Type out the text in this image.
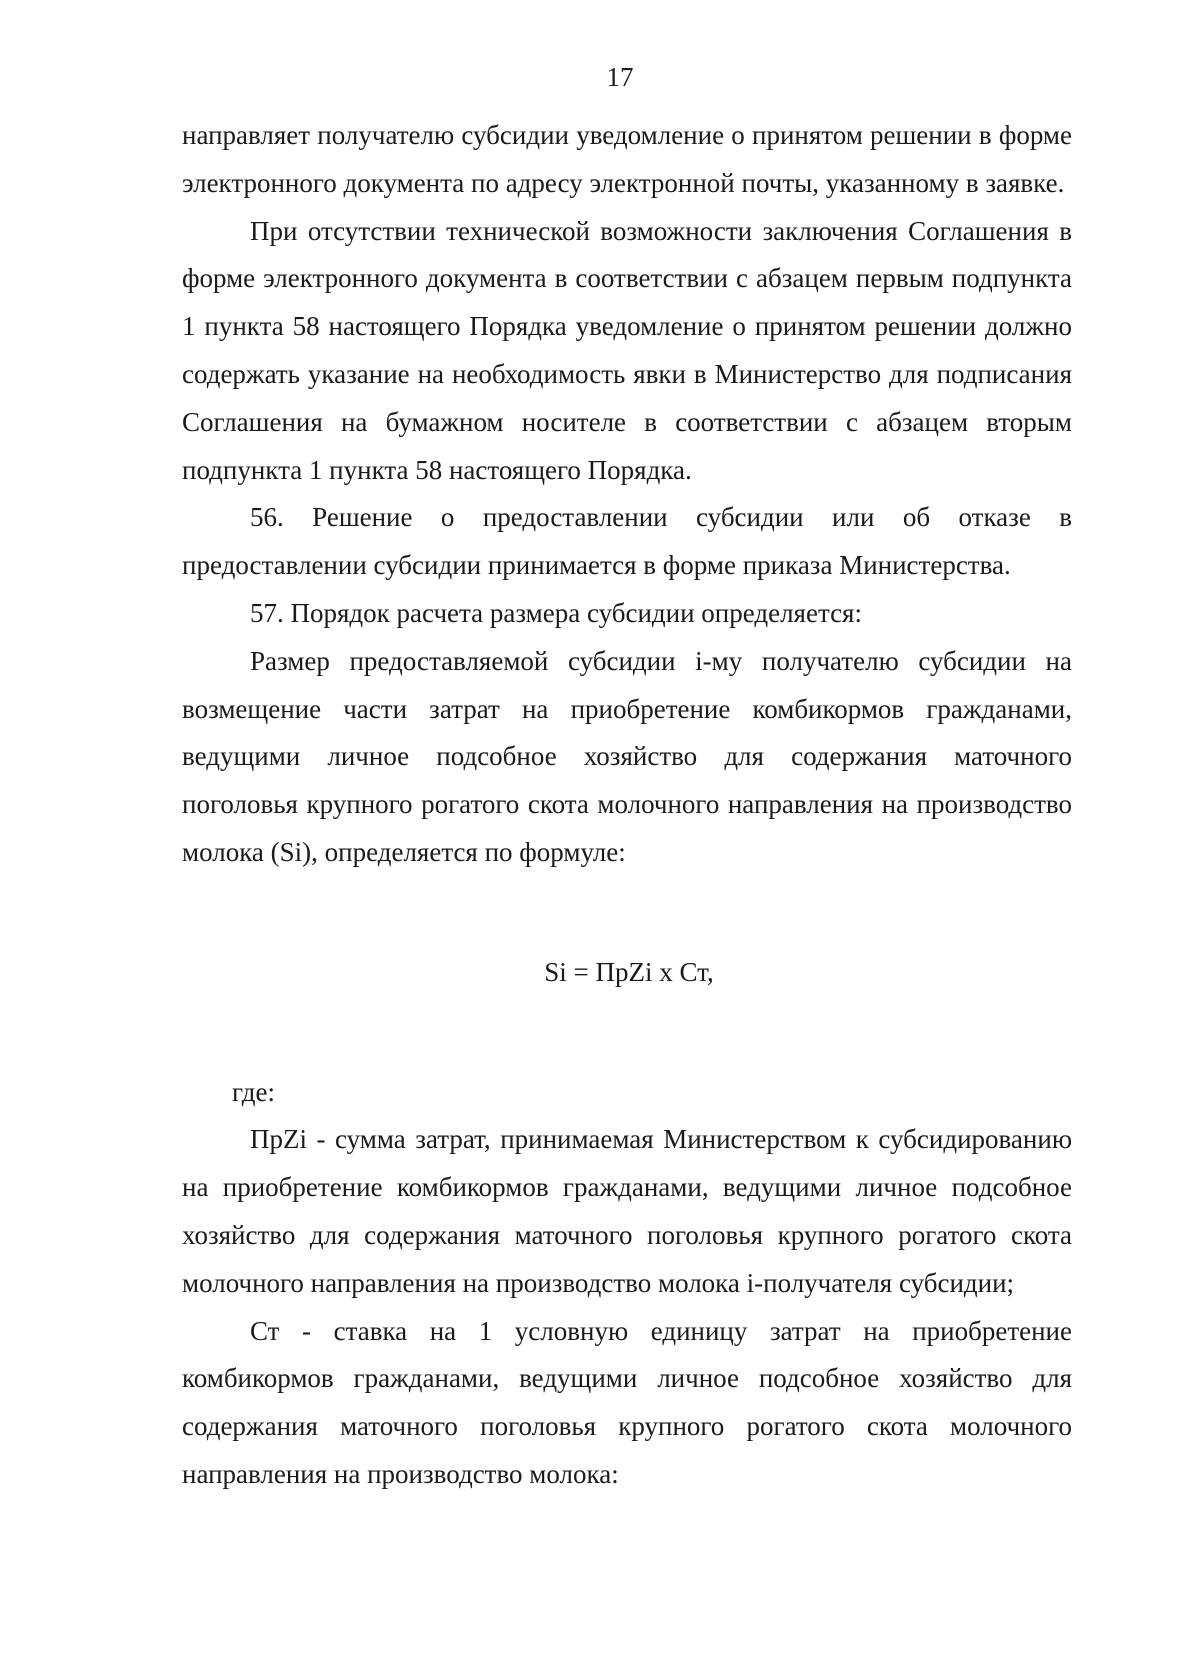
17

направляет получателю субсидии уведомление о принятом решении в форме электронного документа по адресу электронной почты, указанному в заявке.

При отсутствии технической возможности заключения Соглашения в форме электронного документа в соответствии с абзацем первым подпункта 1 пункта 58 настоящего Порядка уведомление о принятом решении должно содержать указание на необходимость явки в Министерство для подписания Соглашения на бумажном носителе в соответствии с абзацем вторым подпункта 1 пункта 58 настоящего Порядка.

56. Решение о предоставлении субсидии или об отказе в предоставлении субсидии принимается в форме приказа Министерства.

57. Порядок расчета размера субсидии определяется:

Размер предоставляемой субсидии i-му получателю субсидии на возмещение части затрат на приобретение комбикормов гражданами, ведущими личное подсобное хозяйство для содержания маточного поголовья крупного рогатого скота молочного направления на производство молока (Si), определяется по формуле:

Si = ПрZi x Ст,

где:

ПрZi - сумма затрат, принимаемая Министерством к субсидированию на приобретение комбикормов гражданами, ведущими личное подсобное хозяйство для содержания маточного поголовья крупного рогатого скота молочного направления на производство молока i-получателя субсидии;

Ст - ставка на 1 условную единицу затрат на приобретение комбикормов гражданами, ведущими личное подсобное хозяйство для содержания маточного поголовья крупного рогатого скота молочного направления на производство молока:
